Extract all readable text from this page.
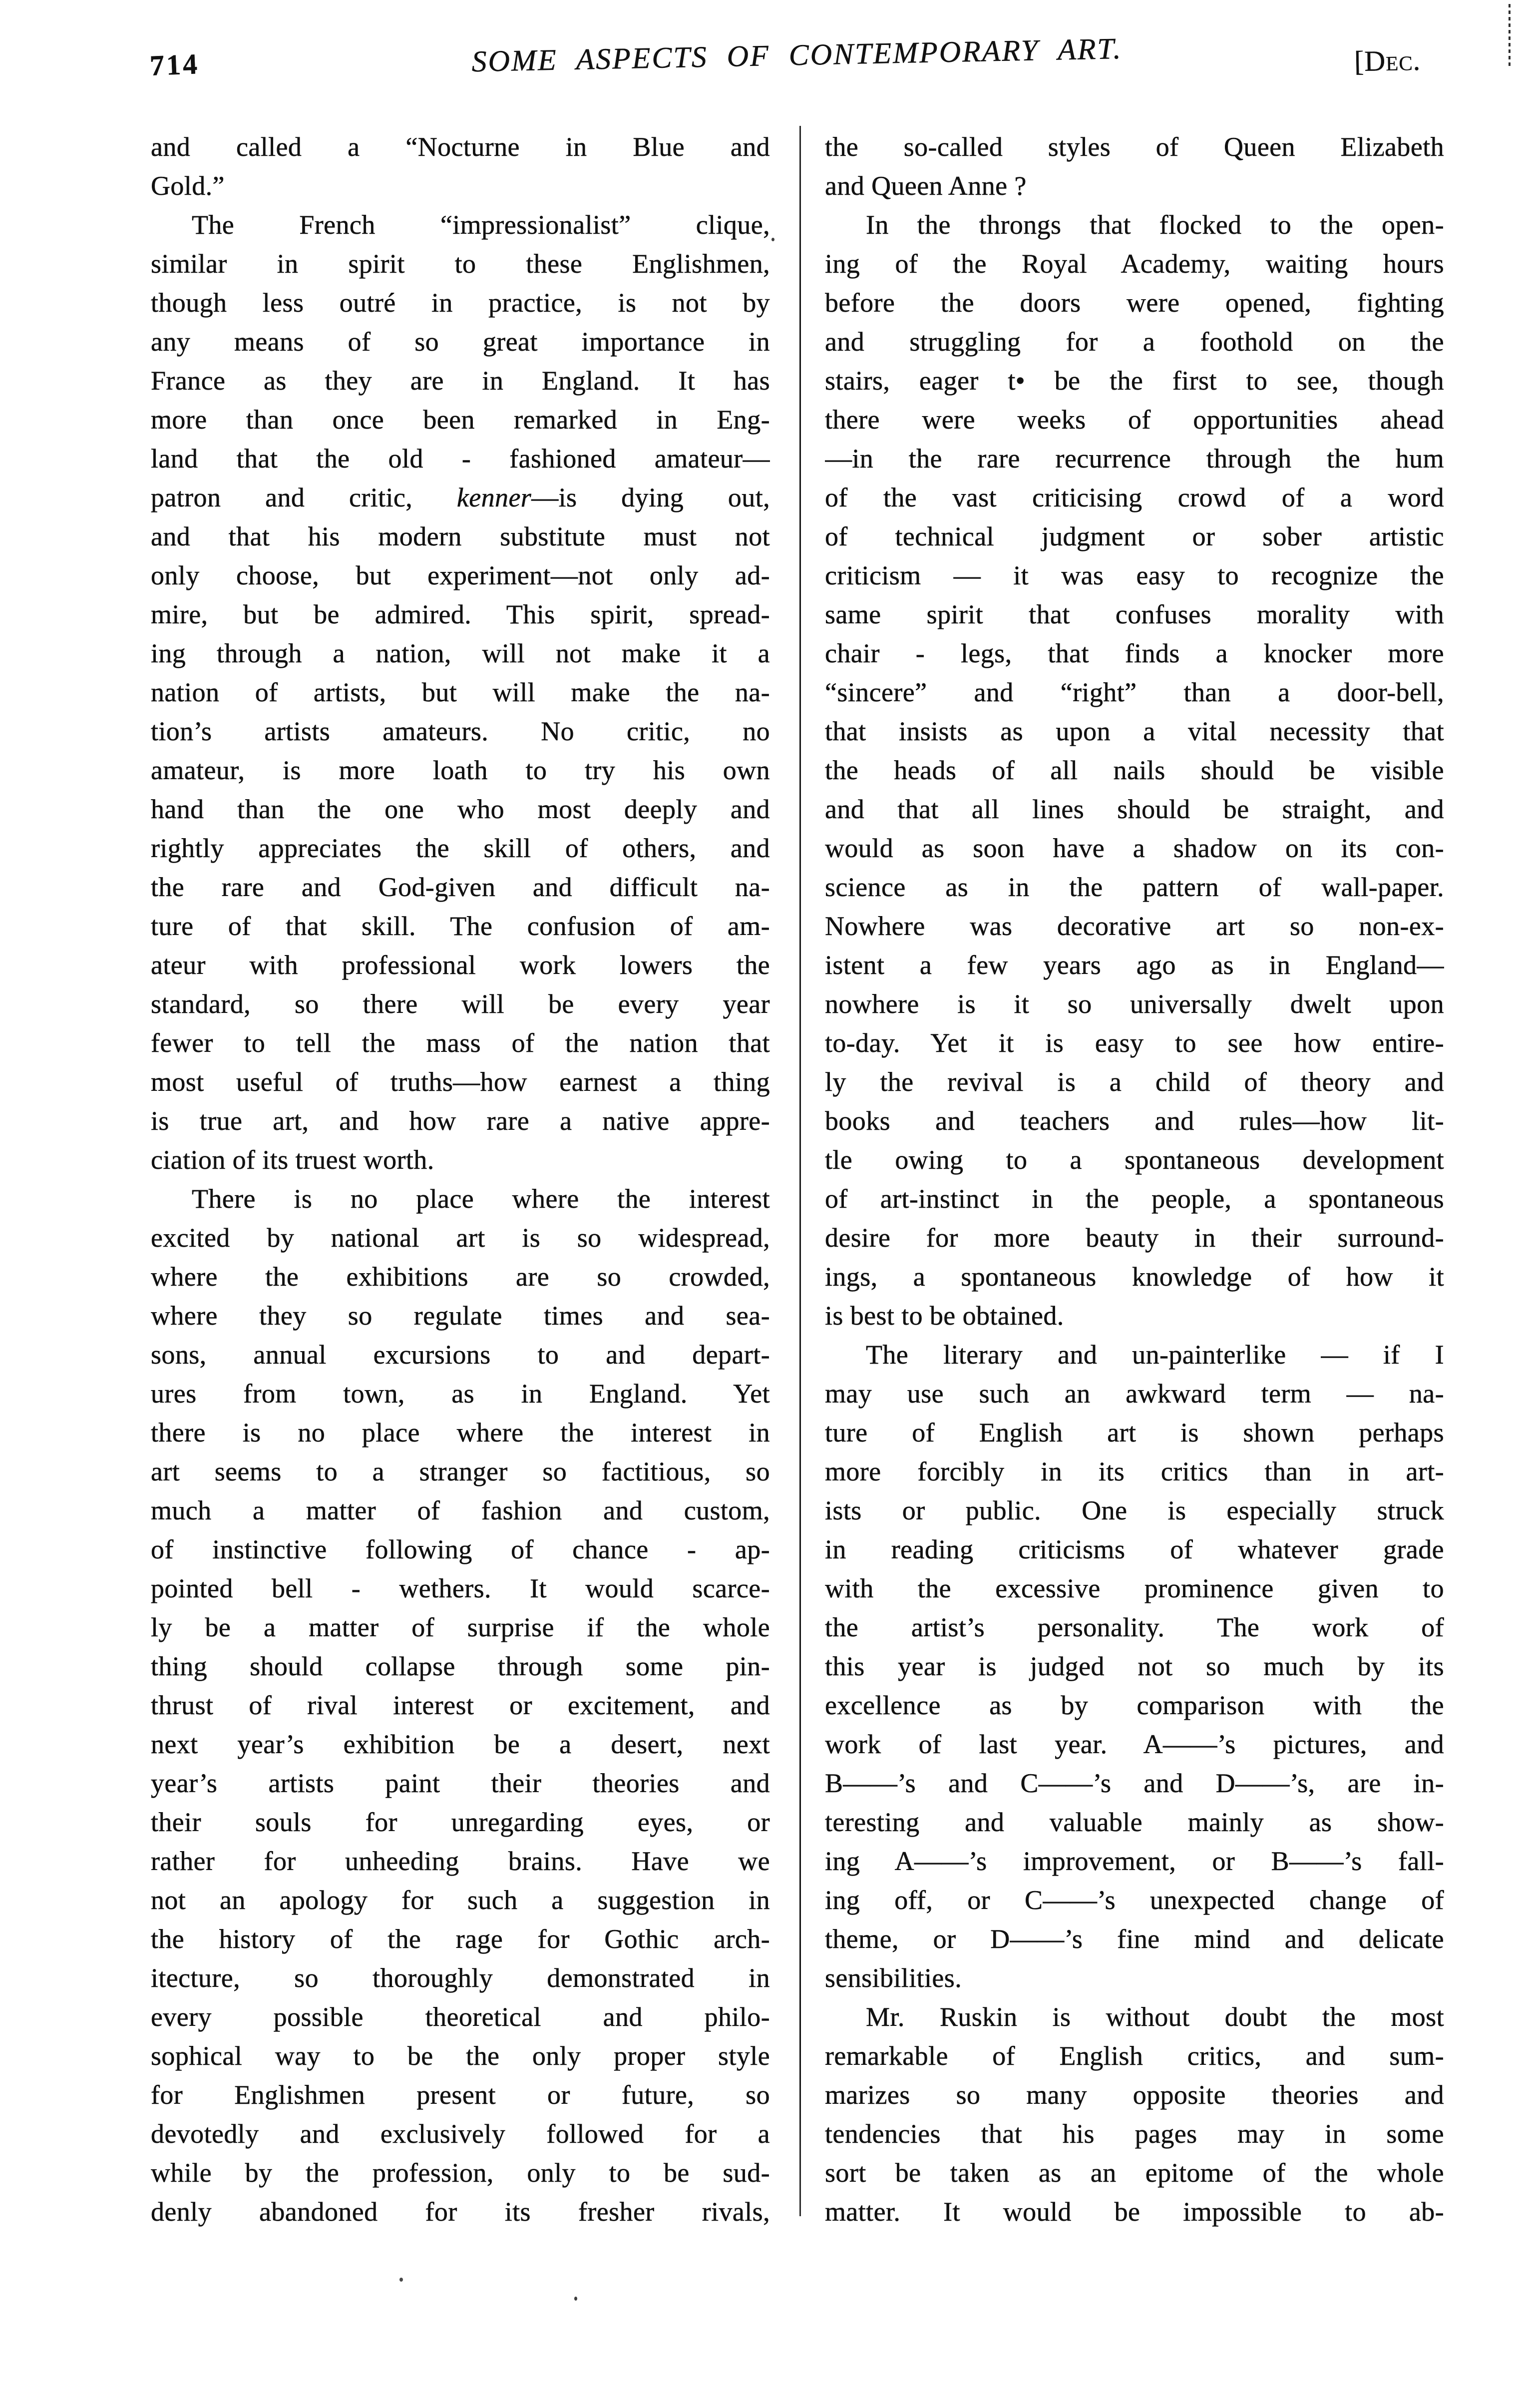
714	SOME ASPECTS OF CONTEMPORARY ART.	[Dec.
and called a “Nocturne in Blue and
Gold.”
The French “impressionalist” clique,
similar in spirit to these Englishmen,
though less outré in practice, is not by
any means of so great importance in
France as they are in England. It has
more than once been remarked in Eng-
land that the old - fashioned amateur—
patron and critic, kenner—is dying out,
and that his modern substitute must not
only choose, but experiment—not only ad-
mire, but be admired. This spirit, spread-
ing through a nation, will not make it a
nation of artists, but will make the na-
tion’s artists amateurs. No critic, no
amateur, is more loath to try his own
hand than the one who most deeply and
rightly appreciates the skill of others, and
the rare and God-given and difficult na-
ture of that skill. The confusion of am-
ateur with professional work lowers the
standard, so there will be every year
fewer to tell the mass of the nation that
most useful of truths—how earnest a thing
is true art, and how rare a native appre-
ciation of its truest worth.
There is no place where the interest
excited by national art is so widespread,
where the exhibitions are so crowded,
where they so regulate times and sea-
sons, annual excursions to and depart-
ures from town, as in England. Yet
there is no place where the interest in
art seems to a stranger so factitious, so
much a matter of fashion and custom,
of instinctive following of chance - ap-
pointed bell - wethers. It would scarce-
ly be a matter of surprise if the whole
thing should collapse through some pin-
thrust of rival interest or excitement, and
next year’s exhibition be a desert, next
year’s artists paint their theories and
their souls for unregarding eyes, or
rather for unheeding brains. Have we
not an apology for such a suggestion in
the history of the rage for Gothic arch-
itecture, so thoroughly demonstrated in
every possible theoretical and philo-
sophical way to be the only proper style
for Englishmen present or future, so
devotedly and exclusively followed for a
while by the profession, only to be sud-
denly abandoned for its fresher rivals,
the so-called styles of Queen Elizabeth
and Queen Anne ?
In the throngs that flocked to the open-
ing of the Royal Academy, waiting hours
before the doors were opened, fighting
and struggling for a foothold on the
stairs, eager t• be the first to see, though
there were weeks of opportunities ahead
—in the rare recurrence through the hum
of the vast criticising crowd of a word
of technical judgment or sober artistic
criticism — it was easy to recognize the
same spirit that confuses morality with
chair - legs, that finds a knocker more
“sincere” and “right” than a door-bell,
that insists as upon a vital necessity that
the heads of all nails should be visible
and that all lines should be straight, and
would as soon have a shadow on its con-
science as in the pattern of wall-paper.
Nowhere was decorative art so non-ex-
istent a few years ago as in England—
nowhere is it so universally dwelt upon
to-day. Yet it is easy to see how entire-
ly the revival is a child of theory and
books and teachers and rules—how lit-
tle owing to a spontaneous development
of art-instinct in the people, a spontaneous
desire for more beauty in their surround-
ings, a spontaneous knowledge of how it
is best to be obtained.
The literary and un-painterlike — if I
may use such an awkward term — na-
ture of English art is shown perhaps
more forcibly in its critics than in art-
ists or public. One is especially struck
in reading criticisms of whatever grade
with the excessive prominence given to
the artist’s personality. The work of
this year is judged not so much by its
excellence as by comparison with the
work of last year. A——’s pictures, and
B——’s and C——’s and D——’s, are in-
teresting and valuable mainly as show-
ing A——’s improvement, or B——’s fall-
ing off, or C——’s unexpected change of
theme, or D——’s fine mind and delicate
sensibilities.
Mr. Ruskin is without doubt the most
remarkable of English critics, and sum-
marizes so many opposite theories and
tendencies that his pages may in some
sort be taken as an epitome of the whole
matter. It would be impossible to ab-
